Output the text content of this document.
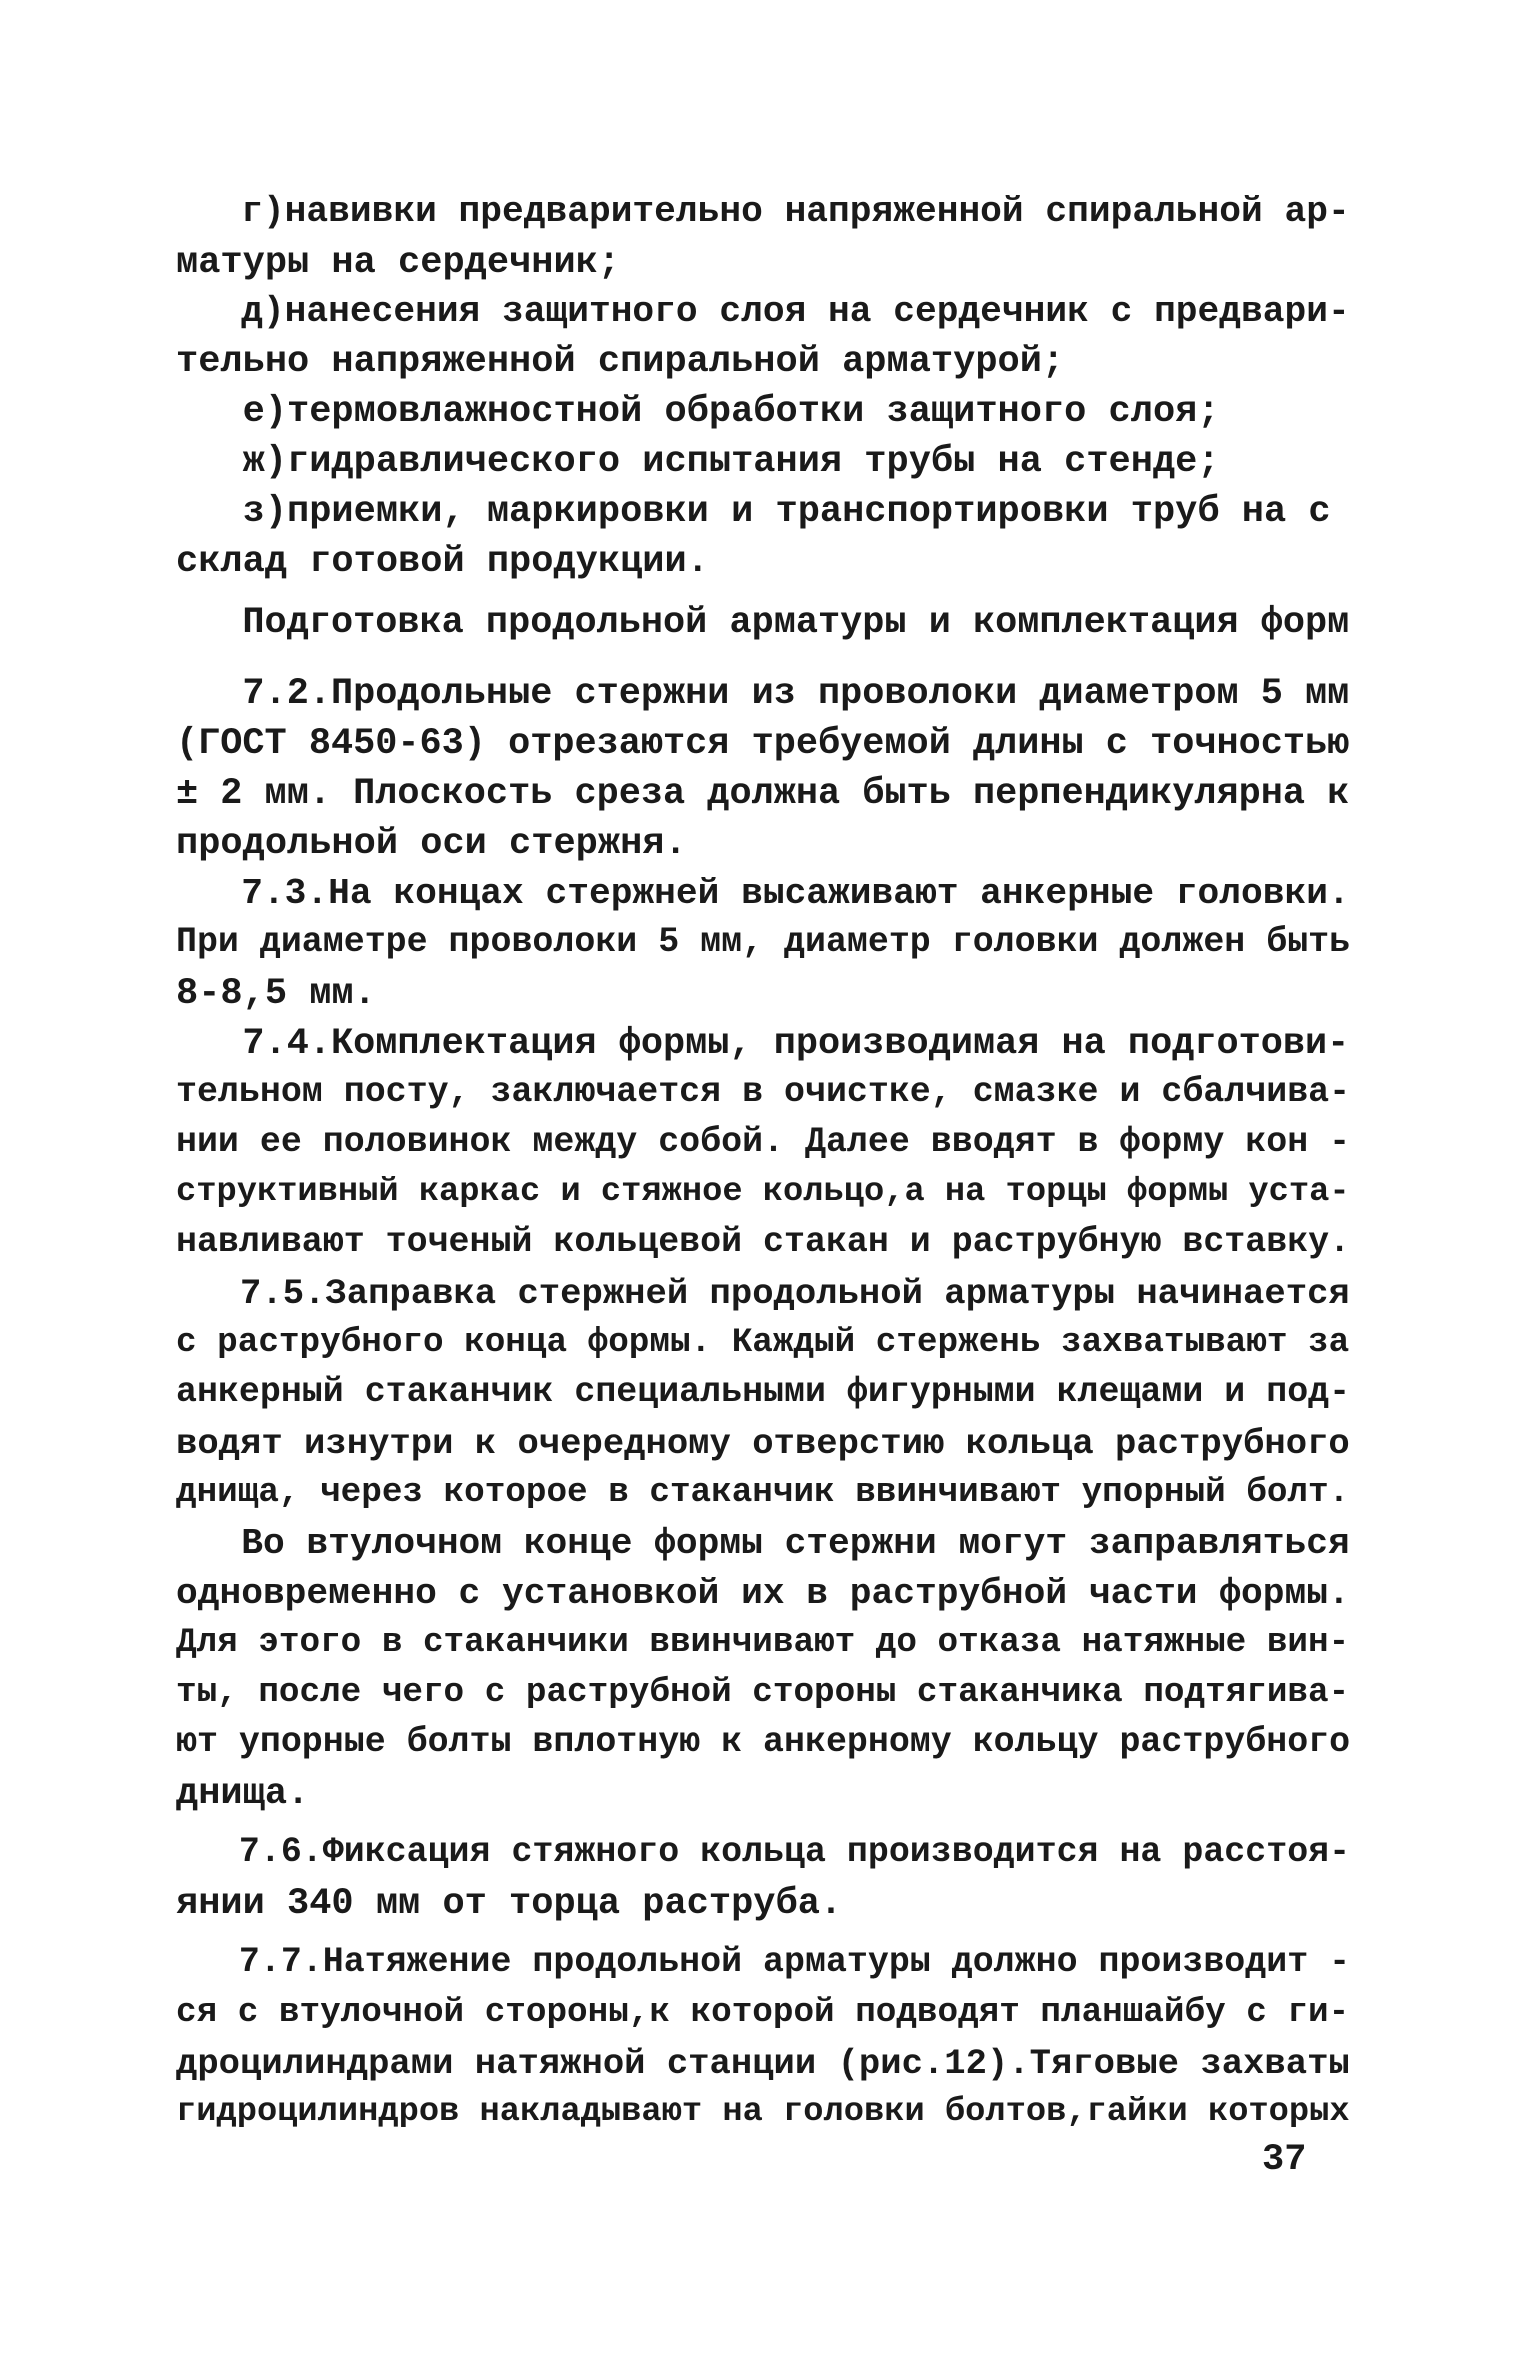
г)навивки предварительно напряженной спиральной ар-
матуры на сердечник;
д)нанесения защитного слоя на сердечник с предвари-
тельно напряженной спиральной арматурой;
е)термовлажностной обработки защитного слоя;
ж)гидравлического испытания трубы на стенде;
з)приемки, маркировки и транспортировки труб на с
склад готовой продукции.
Подготовка продольной арматуры и комплектация форм
7.2.Продольные стержни из проволоки диаметром 5 мм
(ГОСТ 8450-63) отрезаются требуемой длины с точностью
± 2 мм. Плоскость среза должна быть перпендикулярна к
продольной оси стержня.
7.3.На концах стержней высаживают анкерные головки.
При диаметре проволоки 5 мм, диаметр головки должен быть
8-8,5 мм.
7.4.Комплектация формы, производимая на подготови-
тельном посту, заключается в очистке, смазке и сбалчива-
нии ее половинок между собой. Далее вводят в форму кон -
структивный каркас и стяжное кольцо,а на торцы формы уста-
навливают точеный кольцевой стакан и раструбную вставку.
7.5.Заправка стержней продольной арматуры начинается
с раструбного конца формы. Каждый стержень захватывают за
анкерный стаканчик специальными фигурными клещами и под-
водят изнутри к очередному отверстию кольца раструбного
днища, через которое в стаканчик ввинчивают упорный болт.
Во втулочном конце формы стержни могут заправляться
одновременно с установкой их в раструбной части формы.
Для этого в стаканчики ввинчивают до отказа натяжные вин-
ты, после чего с раструбной стороны стаканчика подтягива-
ют упорные болты вплотную к анкерному кольцу раструбного
днища.
7.6.Фиксация стяжного кольца производится на расстоя-
янии 340 мм от торца раструба.
7.7.Натяжение продольной арматуры должно производит -
ся с втулочной стороны,к которой подводят планшайбу с ги-
дроцилиндрами натяжной станции (рис.12).Тяговые захваты
гидроцилиндров накладывают на головки болтов,гайки которых
37
